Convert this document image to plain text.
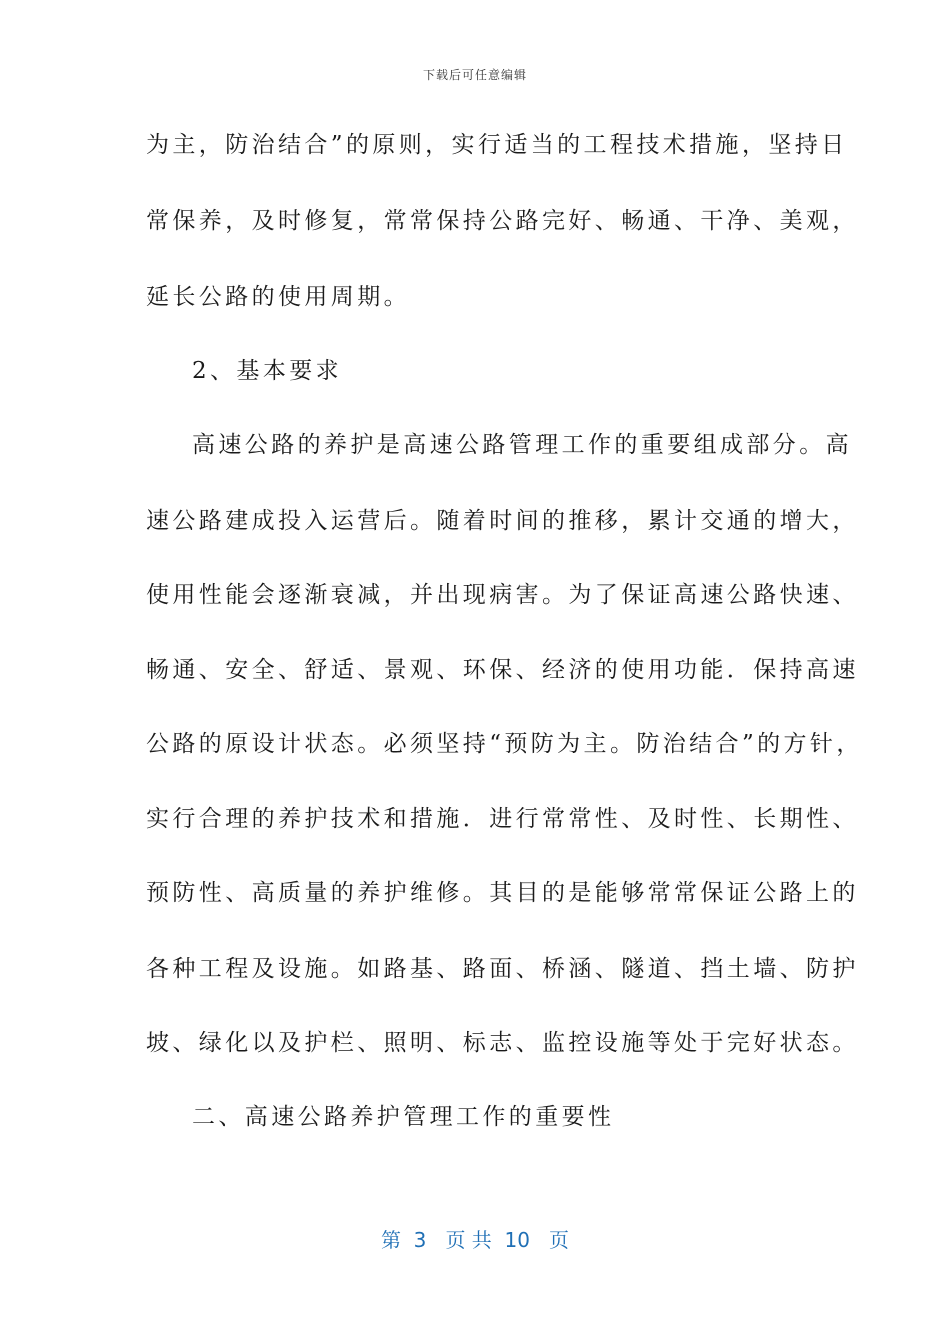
下载后可任意编辑
为主，防治结合”的原则，实行适当的工程技术措施，坚持日
常保养，及时修复，常常保持公路完好、畅通、干净、美观，
延长公路的使用周期。
2、基本要求
高速公路的养护是高速公路管理工作的重要组成部分。高
速公路建成投入运营后。随着时间的推移，累计交通的增大，
使用性能会逐渐衰减，并出现病害。为了保证高速公路快速、
畅通、安全、舒适、景观、环保、经济的使用功能．保持高速
公路的原设计状态。必须坚持“预防为主。防治结合”的方针，
实行合理的养护技术和措施．进行常常性、及时性、长期性、
预防性、高质量的养护维修。其目的是能够常常保证公路上的
各种工程及设施。如路基、路面、桥涵、隧道、挡土墙、防护
坡、绿化以及护栏、照明、标志、监控设施等处于完好状态。
二、高速公路养护管理工作的重要性
第  3   页 共  10   页
